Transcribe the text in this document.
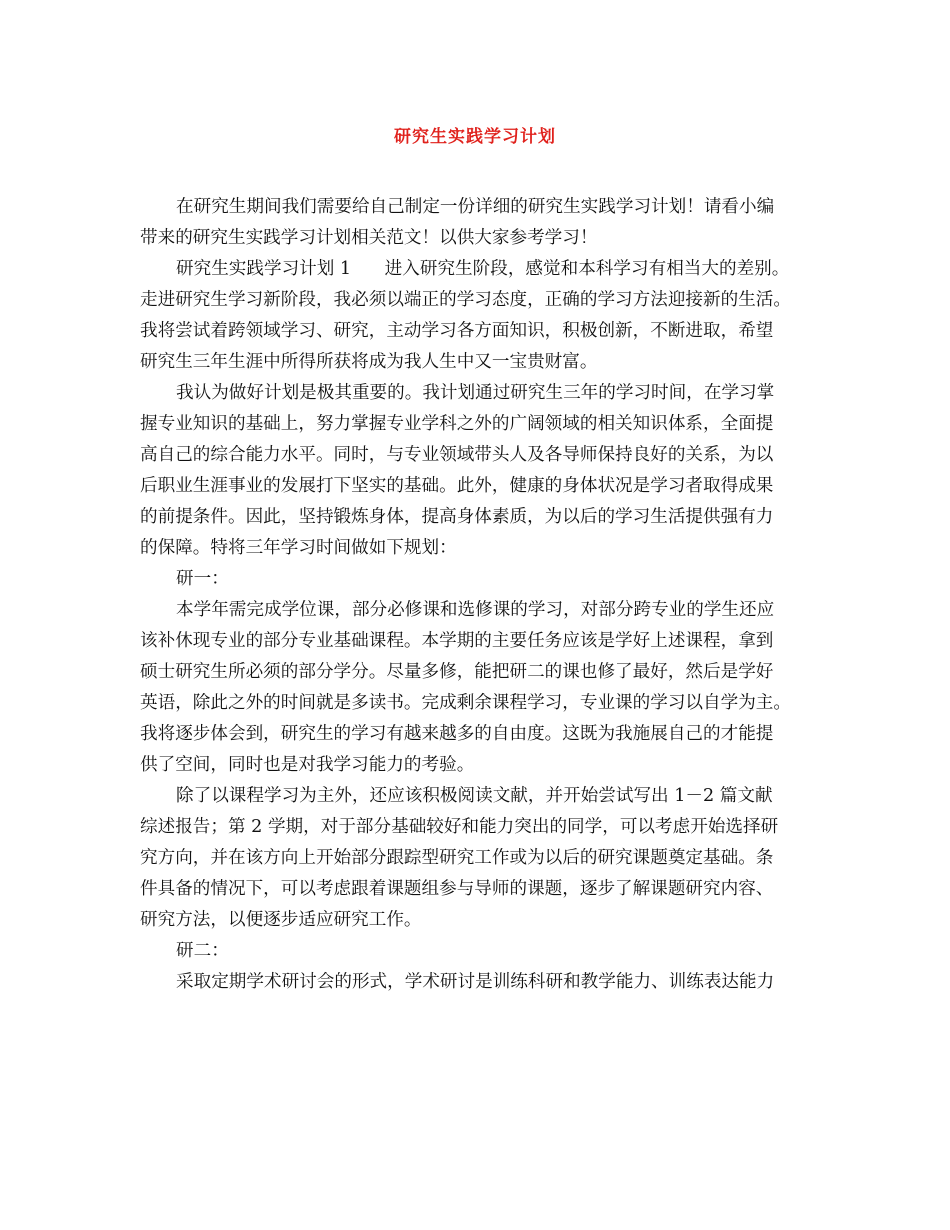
研究生实践学习计划
在研究生期间我们需要给自己制定一份详细的研究生实践学习计划！请看小编
带来的研究生实践学习计划相关范文！以供大家参考学习！
研究生实践学习计划 1      进入研究生阶段，感觉和本科学习有相当大的差别。
走进研究生学习新阶段，我必须以端正的学习态度，正确的学习方法迎接新的生活。
我将尝试着跨领域学习、研究，主动学习各方面知识，积极创新，不断进取，希望
研究生三年生涯中所得所获将成为我人生中又一宝贵财富。
我认为做好计划是极其重要的。我计划通过研究生三年的学习时间，在学习掌
握专业知识的基础上，努力掌握专业学科之外的广阔领域的相关知识体系，全面提
高自己的综合能力水平。同时，与专业领域带头人及各导师保持良好的关系，为以
后职业生涯事业的发展打下坚实的基础。此外，健康的身体状况是学习者取得成果
的前提条件。因此，坚持锻炼身体，提高身体素质，为以后的学习生活提供强有力
的保障。特将三年学习时间做如下规划：
研一：
本学年需完成学位课，部分必修课和选修课的学习，对部分跨专业的学生还应
该补休现专业的部分专业基础课程。本学期的主要任务应该是学好上述课程，拿到
硕士研究生所必须的部分学分。尽量多修，能把研二的课也修了最好，然后是学好
英语，除此之外的时间就是多读书。完成剩余课程学习，专业课的学习以自学为主。
我将逐步体会到，研究生的学习有越来越多的自由度。这既为我施展自己的才能提
供了空间，同时也是对我学习能力的考验。
除了以课程学习为主外，还应该积极阅读文献，并开始尝试写出 1－2 篇文献
综述报告；第 2 学期，对于部分基础较好和能力突出的同学，可以考虑开始选择研
究方向，并在该方向上开始部分跟踪型研究工作或为以后的研究课题奠定基础。条
件具备的情况下，可以考虑跟着课题组参与导师的课题，逐步了解课题研究内容、
研究方法，以便逐步适应研究工作。
研二：
采取定期学术研讨会的形式，学术研讨是训练科研和教学能力、训练表达能力
